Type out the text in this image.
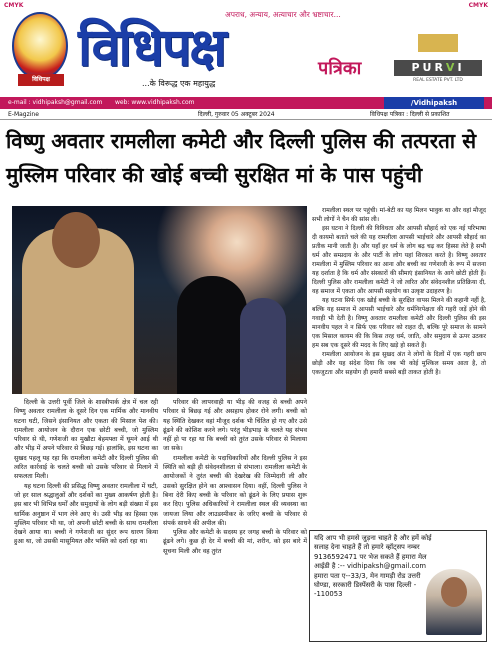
CMYK	CMYK
विधिपक्ष
अपराध, अन्याय, अत्याचार और भ्रष्टाचार...
विधिपक्ष	पत्रिका
...के विरूद्ध एक महायुद्ध
PURVI
REAL ESTATE PVT. LTD
e-mail : vidhipaksh@gmail.com web: www.vidhipaksh.com	/Vidhipaksh
E-Magzine	दिल्ली, गुरुवार 05 अक्टूबर 2024	विधिपक्ष पत्रिका : दिल्ली से प्रकाशित
विष्णु अवतार रामलीला कमेटी और दिल्ली पुलिस की तत्परता से मुस्लिम परिवार की खोई बच्ची सुरक्षित मां के पास पहुंची

दिल्ली के उत्तरी पूर्वी जिले के शास्त्रीपार्क क्षेत्र में चल रही विष्णु अवतार रामलीला के दूसरे दिन एक मार्मिक और मानवीय घटना घटी, जिसने इंसानियत और एकता की मिसाल पेश की। रामलीला आयोजन के दौरान एक छोटी बच्ची, जो मुस्लिम परिवार से थी, गणेशजी का मुखौटा बेहमफ्ता में घूमने आई थी और भीड़ में अपने परिवार से बिछड़ गई। हालांकि, इस घटना का सुखद पहलू यह रहा कि रामलीला कमेटी और दिल्ली पुलिस की त्वरित कार्रवाई के चलते बच्ची को उसके परिवार से मिलाने में सफलता मिली।

यह घटना दिल्ली की प्रसिद्ध विष्णु अवतार रामलीला में घटी, जो हर साल श्रद्धालुओं और दर्शकों का मुख्य आकर्षण होती है। इस बार भी विभिन्न धर्मों और समुदायों के लोग बड़ी संख्या में इस धार्मिक अनुष्ठान में भाग लेने आए थे। उसी भीड़ का हिस्सा एक मुस्लिम परिवार भी था, जो अपनी छोटी बच्ची के साथ रामलीला देखने आया था। बच्ची ने गणेशजी का सुंदर रूप धारण किया हुआ था, जो उसकी मासूमियत और भक्ति को दर्शा रहा था।

परिवार की लापरवाही या भीड़ की वजह से बच्ची अपने परिवार से बिछड़ गई और असहाय होकर रोने लगी। बच्ची को यह स्थिति देखकर वहां मौजूद दर्शक भी चिंतित हो गए और उसे ढूंढने की कोशिश करने लगे। परंतु भीड़भाड़ के चलते यह संभव नहीं हो पा रहा था कि बच्ची को तुरंत उसके परिवार से मिलाया जा सके।

रामलीला कमेटी के पदाधिकारियों और दिल्ली पुलिस ने इस स्थिति को बड़ी ही संवेदनशीलता से संभाला। रामलीला कमेटी के आयोजकों ने तुरंत बच्ची की देखरेख की जिम्मेदारी ली और उसको सुरक्षित होने का आश्वासन दिया। वहीं, दिल्ली पुलिस ने बिना देरी किए बच्ची के परिवार को ढूंढने के लिए प्रयास शुरू कर दिए। पुलिस अधिकारियों ने रामलीला स्थल की व्यवस्था का जायजा लिया और लाउडस्पीकर के जरिए बच्ची के परिवार से संपर्क साधने की अपील की।

पुलिस और कमेटी के सदस्य हर जगह बच्ची के परिवार को ढूंढने लगे। कुछ ही देर में बच्ची की मां, शरीन, को इस बारे में सूचना मिली और वह तुरंत

रामलीला स्थल पर पहुंची। मां-बेटी का यह मिलन भावुक था और वहां मौजूद सभी लोगों ने चैन की सांस ली।

इस घटना ने दिल्ली की विविधता और आपसी सौहार्द को एक नई परिभाषा दी कायमो बताते चले की यह रामलीला आपसी भाईचारे और आपसी सौहार्द का प्रतीक मानी जाती है। और यहाँ हर धर्म के लोग बढ़ चढ़ कर हिस्सा लेते है सभी धर्म और सम्प्रदाय के और पार्टी के लोग यहां शिरकत करते है। विष्णु अवतार रामलीला में मुस्लिम परिवार का आना और बच्ची का गणेशजी के रूप में सजना यह दर्शाता है कि धर्म और संस्कारों की सीमाएं इंसानियत के आगे छोटी होती हैं। दिल्ली पुलिस और रामलीला कमेटी ने जो त्वरित और संवेदनशील प्रतिक्रिया दी, वह समाज में एकता और आपसी सहयोग का उत्कृष्ट उदाहरण है।

यह घटना सिर्फ एक खोई बच्ची के सुरक्षित वापस मिलने की कहानी नहीं है, बल्कि यह समाज में आपसी भाईचारे और धर्मनिरपेक्षता की गहरी जड़ें होने की गवाही भी देती है। विष्णु अवतार रामलीला कमेटी और दिल्ली पुलिस की इस मानवीय पहल ने न सिर्फ एक परिवार को राहत दी, बल्कि पूरे समाज के सामने एक मिसाल कायम की कि किस तरह धर्म, जाति, और समुदाय से ऊपर उठकर हम सब एक दूसरे की मदद के लिए खड़े हो सकते हैं।

रामलीला आयोजन के इस सुखद अंत ने लोगों के दिलों में एक गहरी छाप छोड़ी और यह संदेश दिया कि जब भी कोई मुश्किल समय आता है, तो एकजुटता और सहयोग ही हमारी सबसे बड़ी ताकत होती है।

यदि आप भी हमसे जुड़ना चाहते है और हमें कोई सलाह देना चाहते हैं तो हमारे व्हॉट्सप नम्बर 9136592471 पर भेज सकते हैं हमारा मेल आईडी है :-- vidhipaksh@gmail.com हमारा पता ए--33/3, मेन गामड़ी रोड उत्तरी घोण्डा, सरकारी डिस्पेंसरी के पास दिल्ली --110053
